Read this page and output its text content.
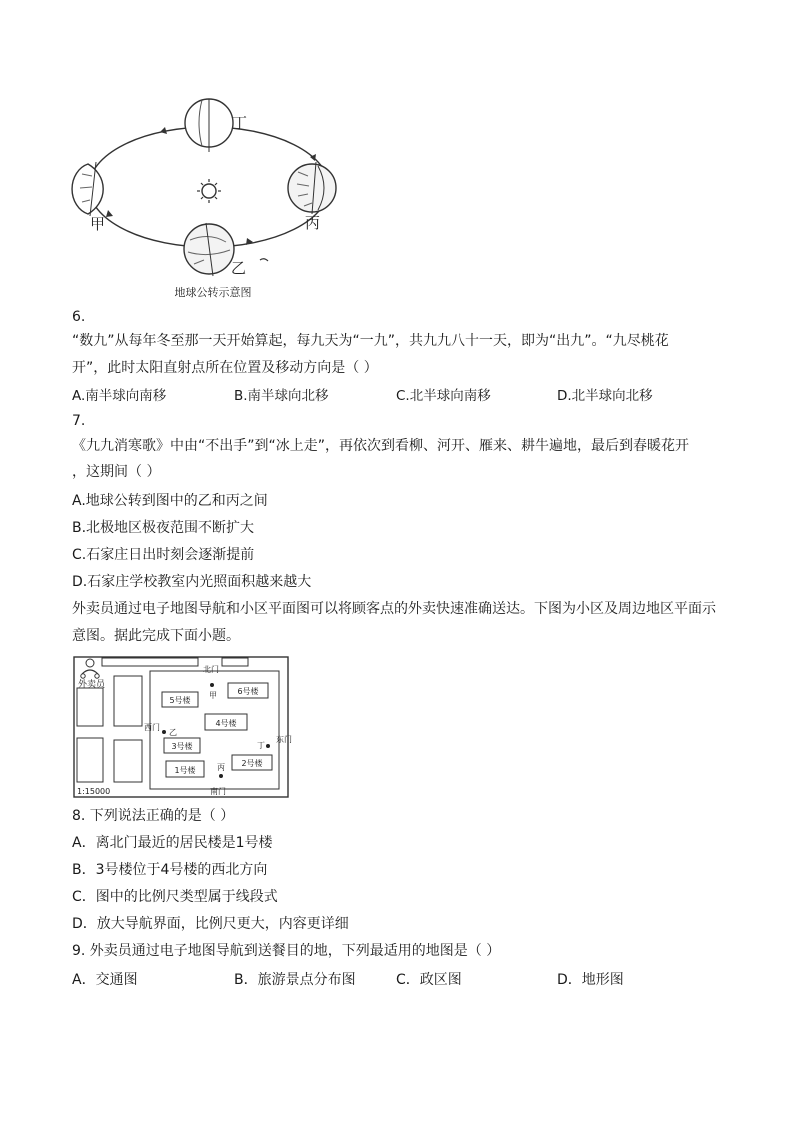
丁
丙
乙
甲
地球公转示意图
6.
“数九”从每年冬至那一天开始算起，每九天为“一九”，共九九八十一天，即为“出九”。“九尽桃花
开”，此时太阳直射点所在位置及移动方向是（ ）
A.南半球向南移	B.南半球向北移	C.北半球向南移	D.北半球向北移
7.
《九九消寒歌》中由“不出手”到“冰上走”，再依次到看柳、河开、雁来、耕牛遍地，最后到春暖花开
，这期间（ ）
A.地球公转到图中的乙和丙之间
B.北极地区极夜范围不断扩大
C.石家庄日出时刻会逐渐提前
D.石家庄学校教室内光照面积越来越大
外卖员通过电子地图导航和小区平面图可以将顾客点的外卖快速准确送达。下图为小区及周边地区平面示
意图。据此完成下面小题。
外卖员
北门
南门
西门
东门
5号楼
6号楼
4号楼
3号楼
2号楼
1号楼
甲
乙
丙
丁
1:15000
8. 下列说法正确的是（ ）
A．离北门最近的居民楼是1号楼
B．3号楼位于4号楼的西北方向
C．图中的比例尺类型属于线段式
D．放大导航界面，比例尺更大，内容更详细
9. 外卖员通过电子地图导航到送餐目的地，下列最适用的地图是（ ）
A．交通图	B．旅游景点分布图	C．政区图	D．地形图
